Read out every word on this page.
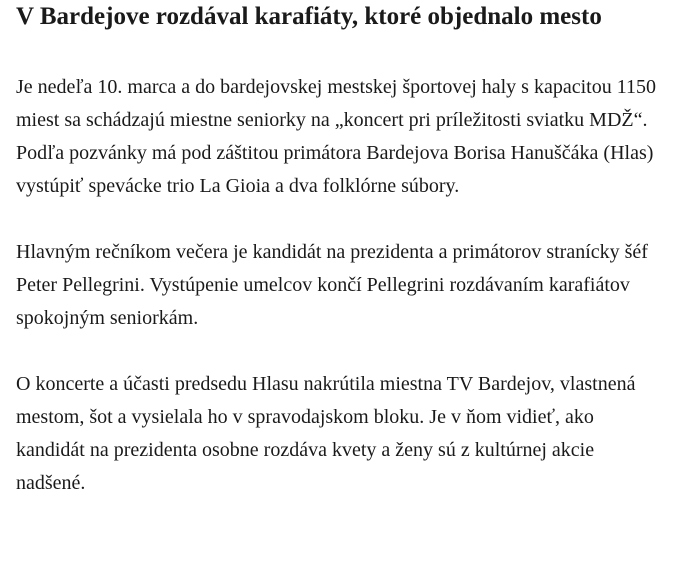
V Bardejove rozdával karafiáty, ktoré objednalo mesto

Je nedeľa 10. marca a do bardejovskej mestskej športovej haly s kapacitou 1150 miest sa schádzajú miestne seniorky na „koncert pri príležitosti sviatku MDŽ“. Podľa pozvánky má pod záštitou primátora Bardejova Borisa Hanuščáka (Hlas) vystúpiť spevácke trio La Gioia a dva folklórne súbory.

Hlavným rečníkom večera je kandidát na prezidenta a primátorov stranícky šéf Peter Pellegrini. Vystúpenie umelcov končí Pellegrini rozdávaním karafiátov spokojným seniorkám.

O koncerte a účasti predsedu Hlasu nakrútila miestna TV Bardejov, vlastnená mestom, šot a vysielala ho v spravodajskom bloku. Je v ňom vidieť, ako kandidát na prezidenta osobne rozdáva kvety a ženy sú z kultúrnej akcie nadšené.
